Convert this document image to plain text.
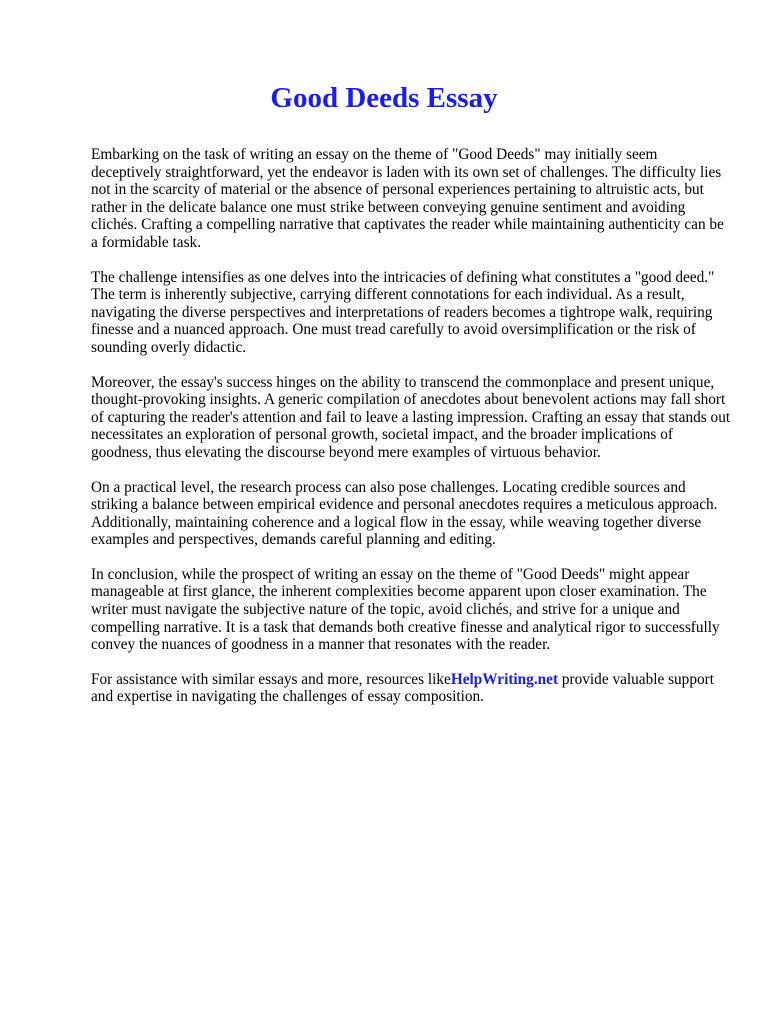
Good Deeds Essay

Embarking on the task of writing an essay on the theme of "Good Deeds" may initially seem deceptively straightforward, yet the endeavor is laden with its own set of challenges. The difficulty lies not in the scarcity of material or the absence of personal experiences pertaining to altruistic acts, but rather in the delicate balance one must strike between conveying genuine sentiment and avoiding clichés. Crafting a compelling narrative that captivates the reader while maintaining authenticity can be a formidable task.

The challenge intensifies as one delves into the intricacies of defining what constitutes a "good deed." The term is inherently subjective, carrying different connotations for each individual. As a result, navigating the diverse perspectives and interpretations of readers becomes a tightrope walk, requiring finesse and a nuanced approach. One must tread carefully to avoid oversimplification or the risk of sounding overly didactic.

Moreover, the essay's success hinges on the ability to transcend the commonplace and present unique, thought-provoking insights. A generic compilation of anecdotes about benevolent actions may fall short of capturing the reader's attention and fail to leave a lasting impression. Crafting an essay that stands out necessitates an exploration of personal growth, societal impact, and the broader implications of goodness, thus elevating the discourse beyond mere examples of virtuous behavior.

On a practical level, the research process can also pose challenges. Locating credible sources and striking a balance between empirical evidence and personal anecdotes requires a meticulous approach. Additionally, maintaining coherence and a logical flow in the essay, while weaving together diverse examples and perspectives, demands careful planning and editing.

In conclusion, while the prospect of writing an essay on the theme of "Good Deeds" might appear manageable at first glance, the inherent complexities become apparent upon closer examination. The writer must navigate the subjective nature of the topic, avoid clichés, and strive for a unique and compelling narrative. It is a task that demands both creative finesse and analytical rigor to successfully convey the nuances of goodness in a manner that resonates with the reader.

For assistance with similar essays and more, resources likeHelpWriting.net provide valuable support and expertise in navigating the challenges of essay composition.
